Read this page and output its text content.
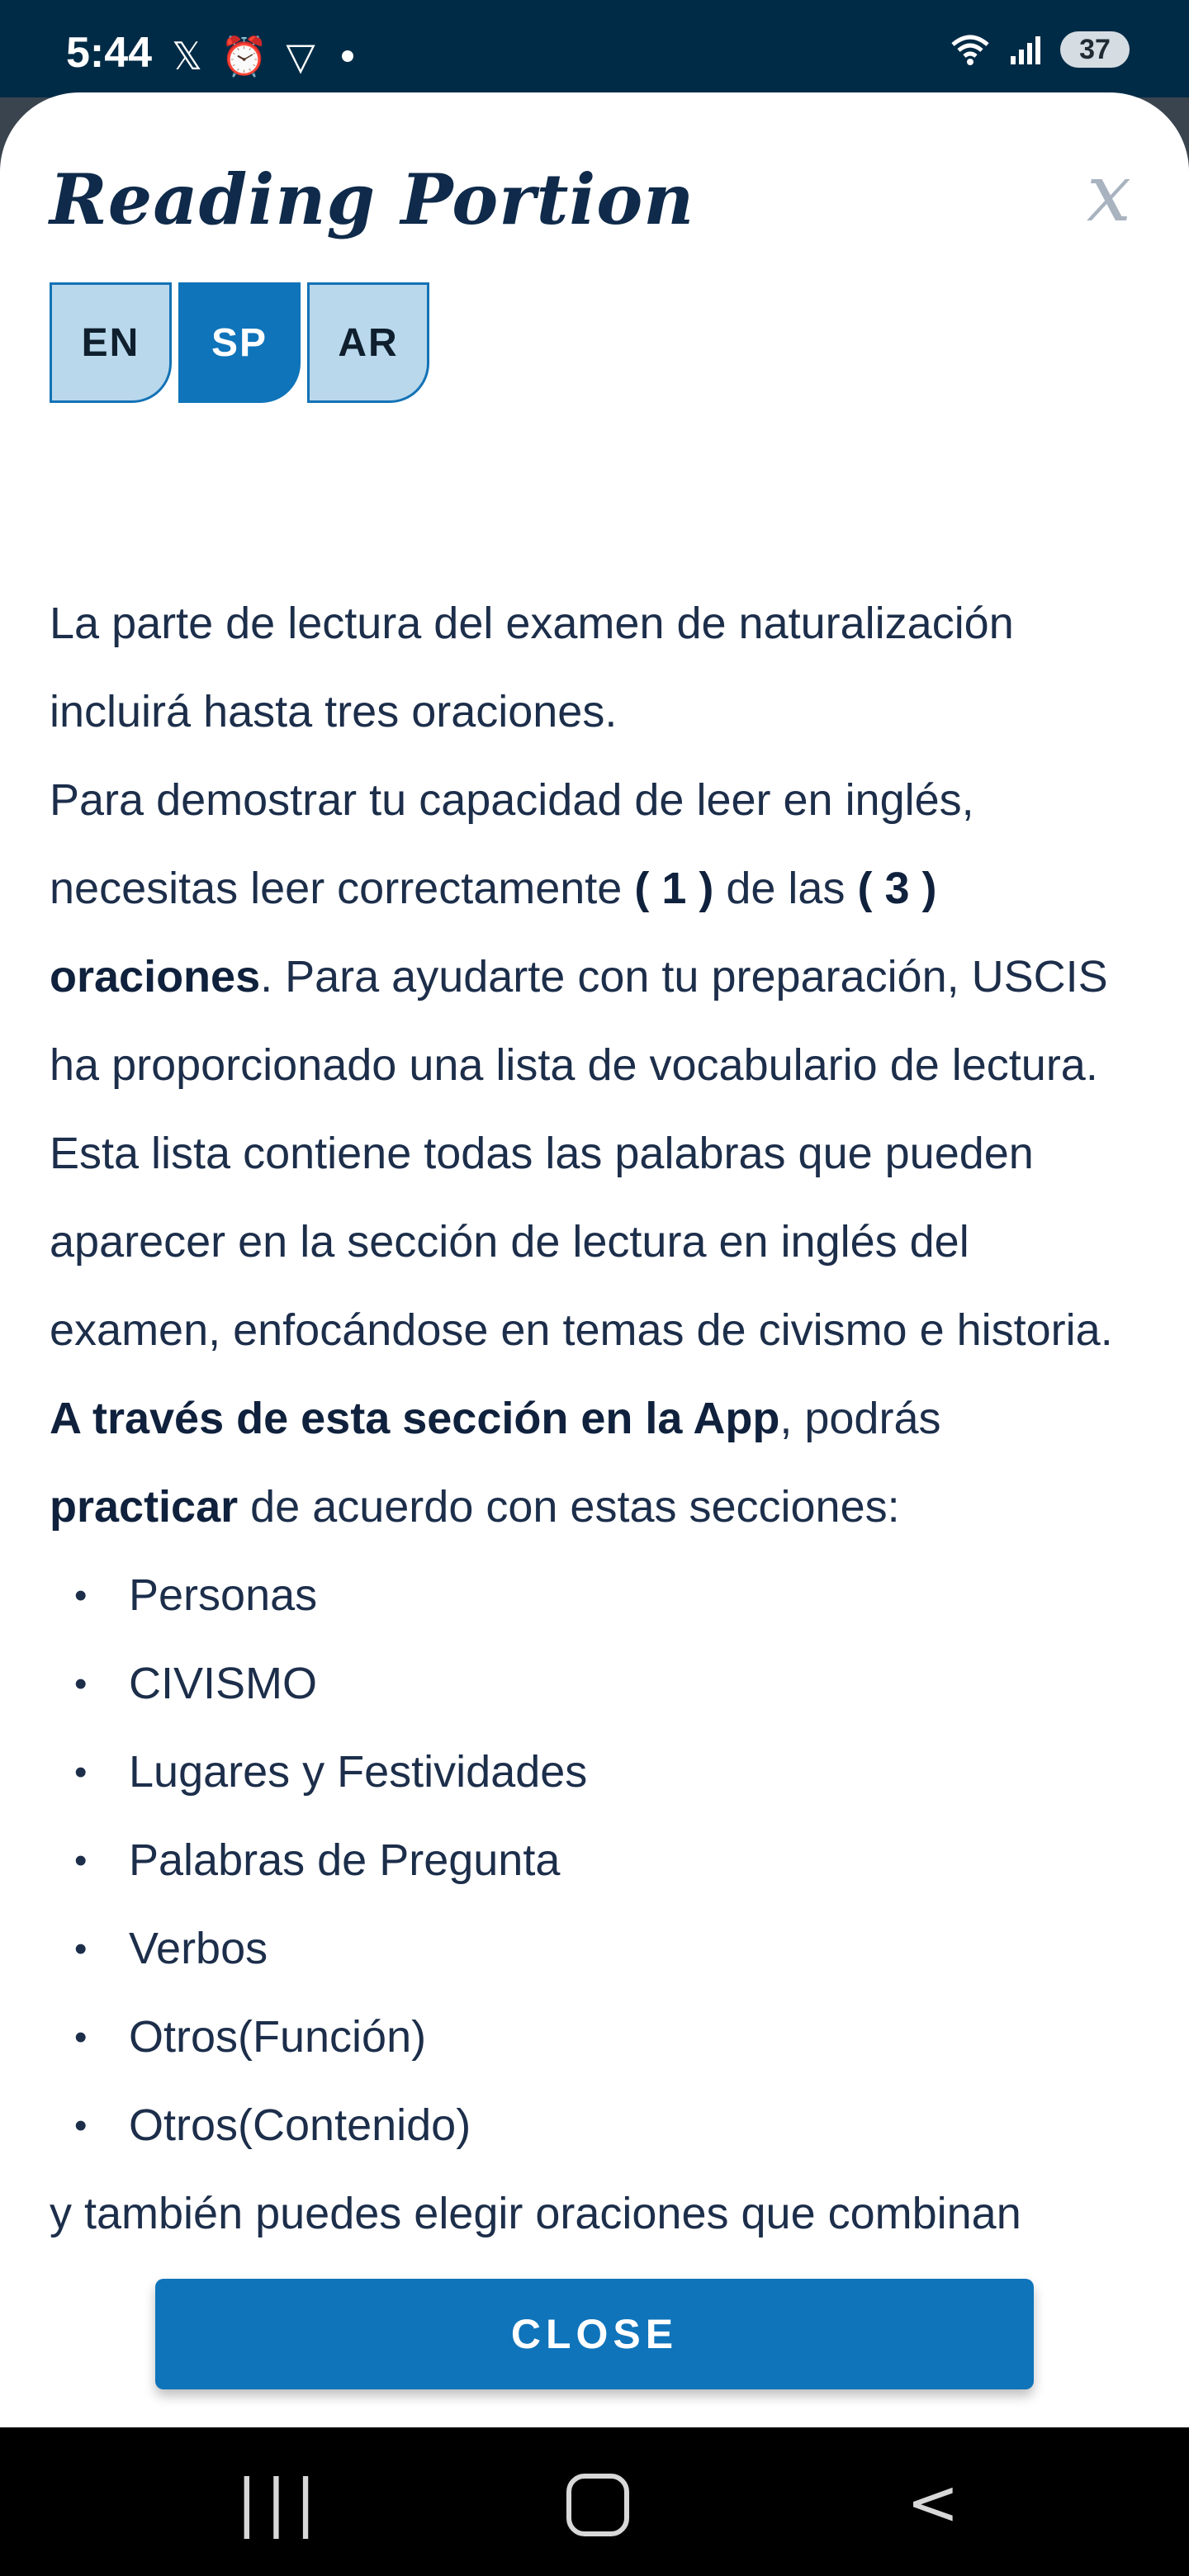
5:44 𝕏 ⏰ ▽	37
Reading Portion	x
EN	SP	AR

La parte de lectura del examen de naturalización incluirá hasta tres oraciones.

Para demostrar tu capacidad de leer en inglés, necesitas leer correctamente ( 1 ) de las ( 3 ) oraciones. Para ayudarte con tu preparación, USCIS ha proporcionado una lista de vocabulario de lectura. Esta lista contiene todas las palabras que pueden aparecer en la sección de lectura en inglés del examen, enfocándose en temas de civismo e historia. A través de esta sección en la App, podrás practicar de acuerdo con estas secciones:

• Personas
• CIVISMO
• Lugares y Festividades
• Palabras de Pregunta
• Verbos
• Otros(Función)
• Otros(Contenido)

y también puedes elegir oraciones que combinan

CLOSE
|||	<
